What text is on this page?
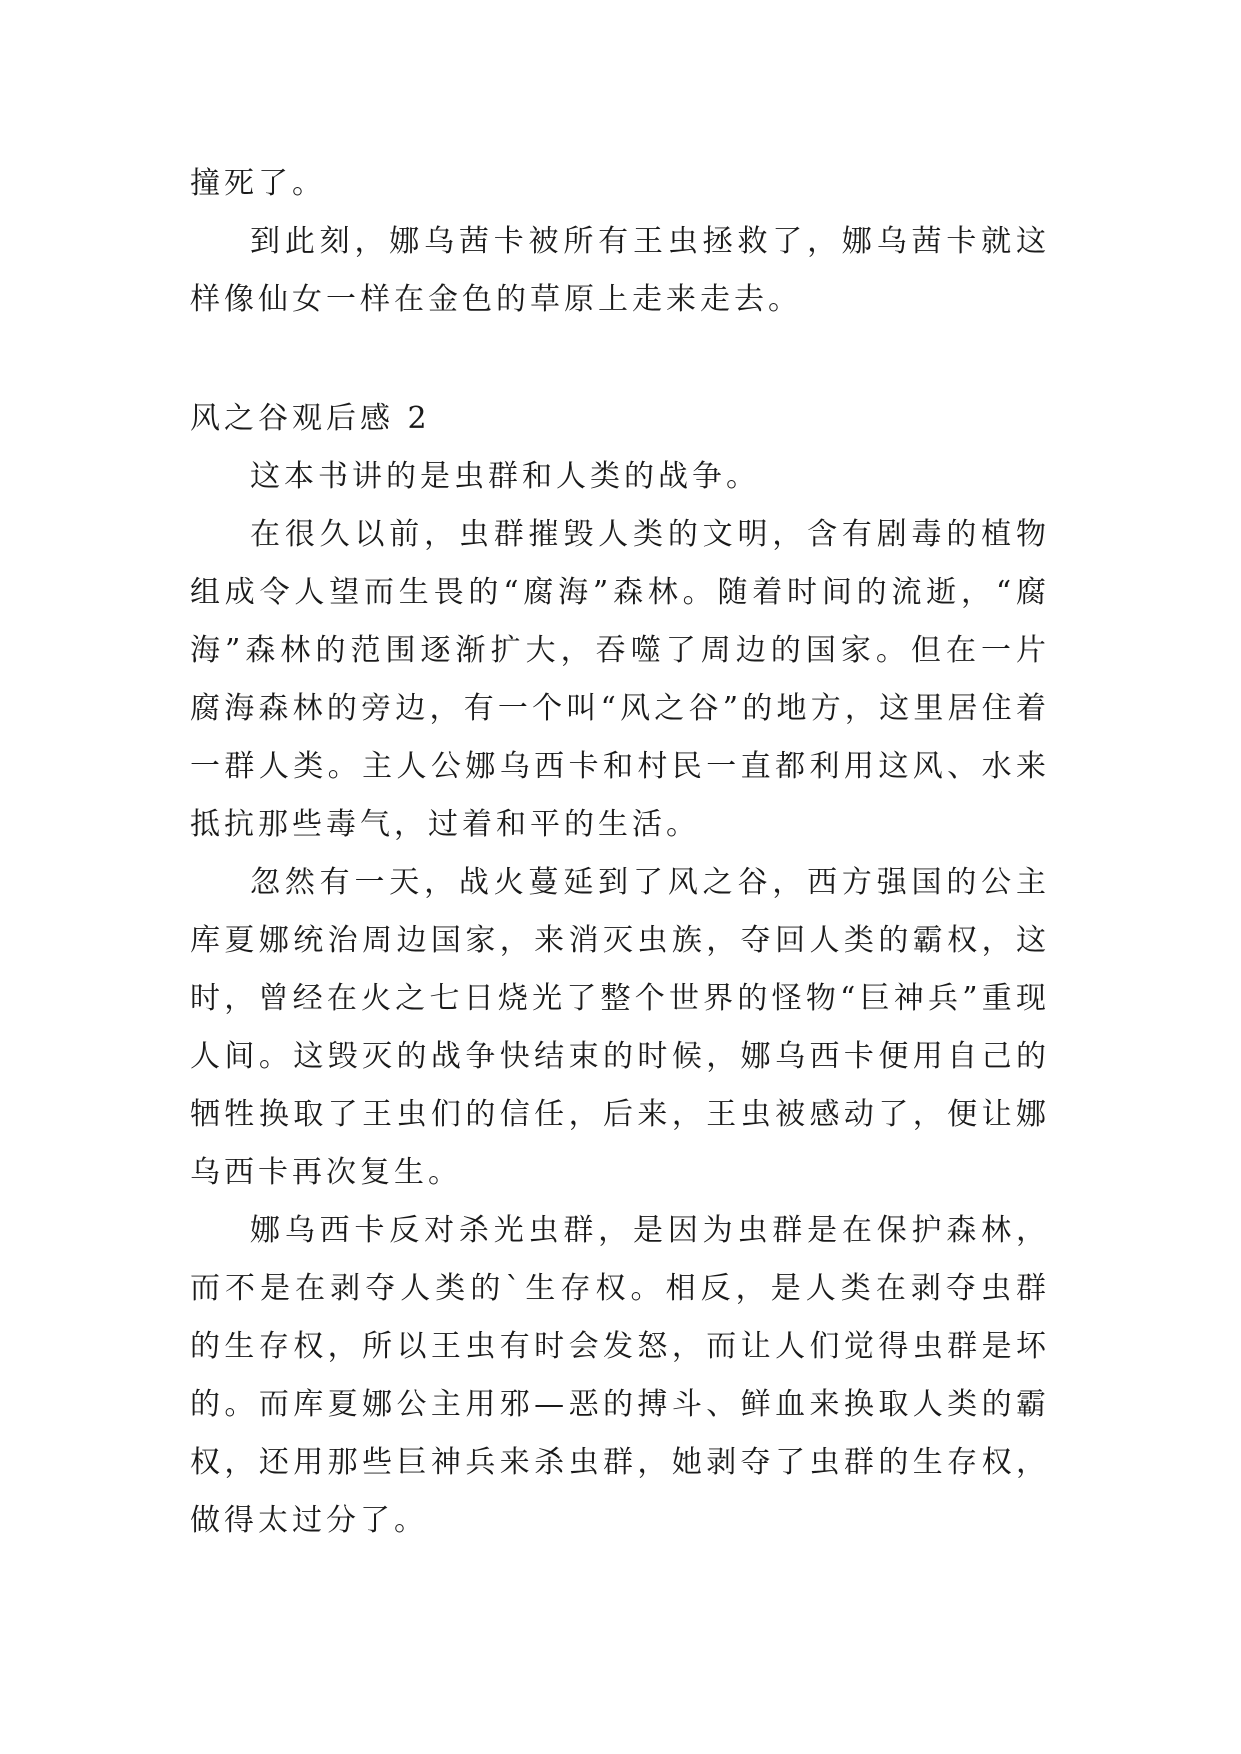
撞死了。

到此刻，娜乌茜卡被所有王虫拯救了，娜乌茜卡就这样像仙女一样在金色的草原上走来走去。

风之谷观后感 2

这本书讲的是虫群和人类的战争。

在很久以前，虫群摧毁人类的文明，含有剧毒的植物组成令人望而生畏的“腐海”森林。随着时间的流逝，“腐海”森林的范围逐渐扩大，吞噬了周边的国家。但在一片腐海森林的旁边，有一个叫“风之谷”的地方，这里居住着一群人类。主人公娜乌西卡和村民一直都利用这风、水来抵抗那些毒气，过着和平的生活。

忽然有一天，战火蔓延到了风之谷，西方强国的公主库夏娜统治周边国家，来消灭虫族，夺回人类的霸权，这时，曾经在火之七日烧光了整个世界的怪物“巨神兵”重现人间。这毁灭的战争快结束的时候，娜乌西卡便用自己的牺牲换取了王虫们的信任，后来，王虫被感动了，便让娜乌西卡再次复生。

娜乌西卡反对杀光虫群，是因为虫群是在保护森林，而不是在剥夺人类的`生存权。相反，是人类在剥夺虫群的生存权，所以王虫有时会发怒，而让人们觉得虫群是坏的。而库夏娜公主用邪—恶的搏斗、鲜血来换取人类的霸权，还用那些巨神兵来杀虫群，她剥夺了虫群的生存权，做得太过分了。
